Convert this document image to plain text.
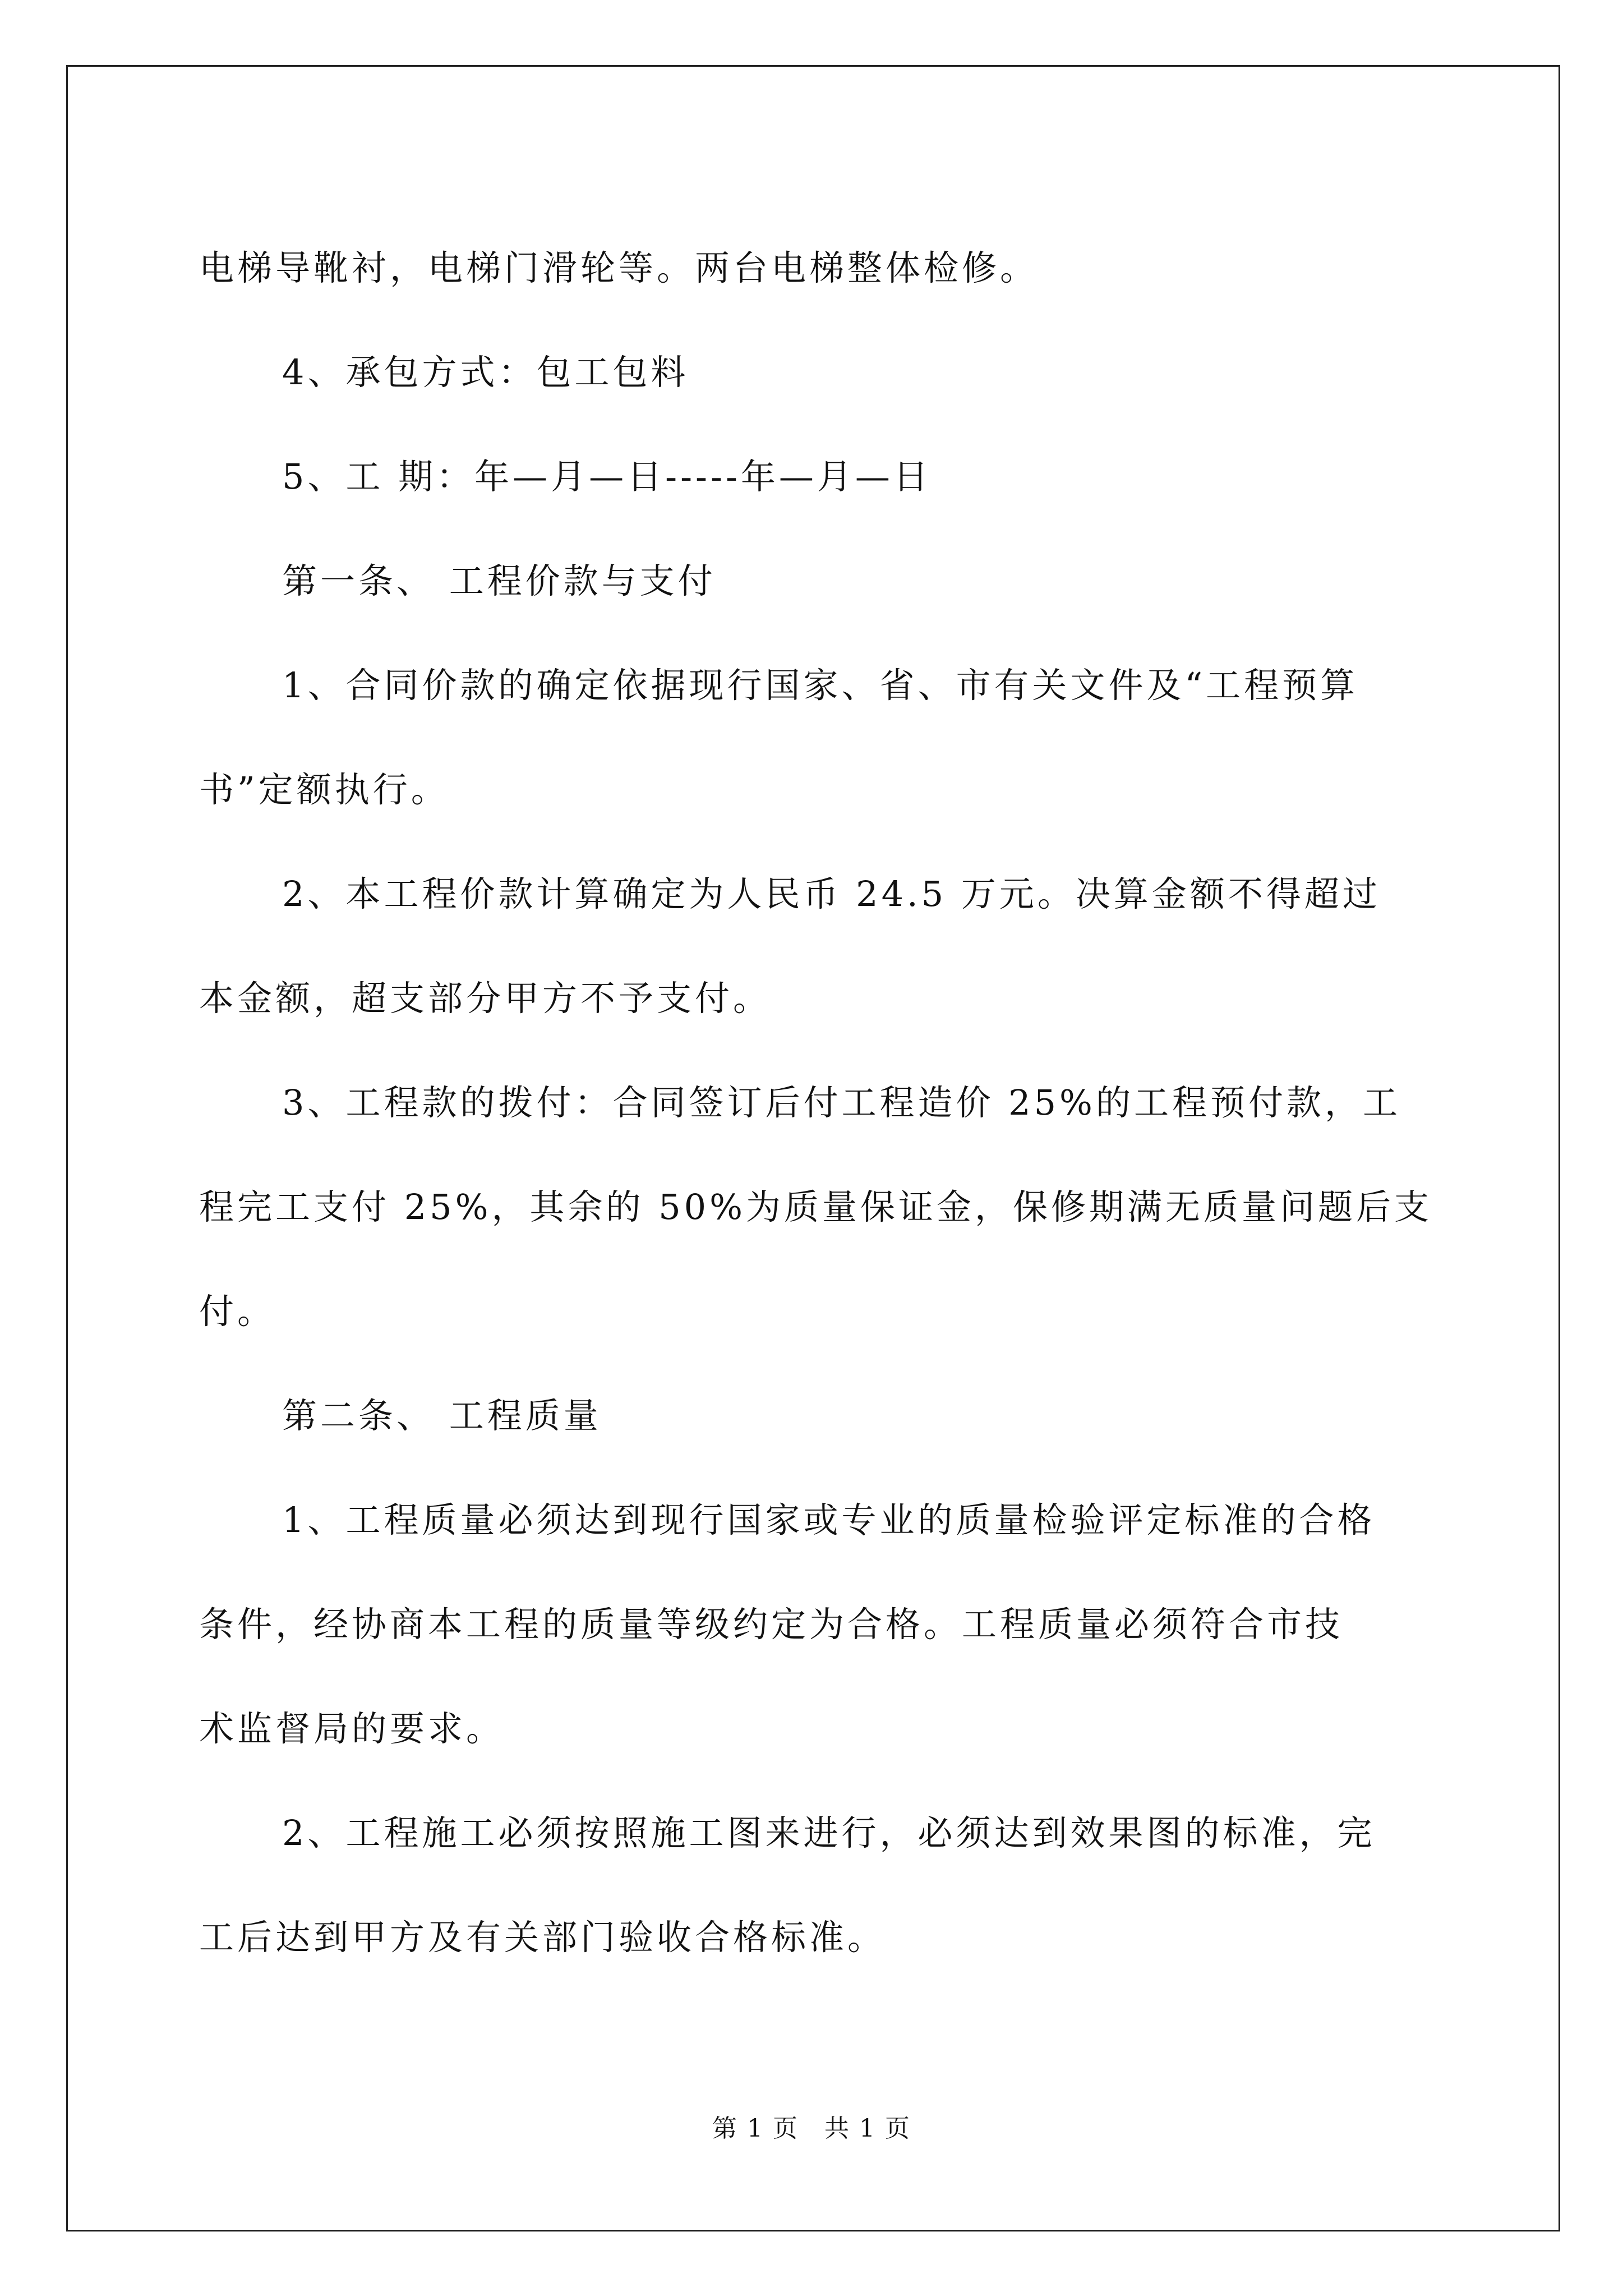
电梯导靴衬，电梯门滑轮等。两台电梯整体检修。

4、承包方式：包工包料

5、工 期：年—月—日-----年—月—日

第一条、 工程价款与支付

1、合同价款的确定依据现行国家、省、市有关文件及“工程预算

书”定额执行。

2、本工程价款计算确定为人民币 24.5 万元。决算金额不得超过

本金额，超支部分甲方不予支付。

3、工程款的拨付：合同签订后付工程造价 25%的工程预付款，工

程完工支付 25%，其余的 50%为质量保证金，保修期满无质量问题后支

付。

第二条、 工程质量

1、工程质量必须达到现行国家或专业的质量检验评定标准的合格

条件，经协商本工程的质量等级约定为合格。工程质量必须符合市技

术监督局的要求。

2、工程施工必须按照施工图来进行，必须达到效果图的标准，完

工后达到甲方及有关部门验收合格标准。

第 1 页　共 1 页
